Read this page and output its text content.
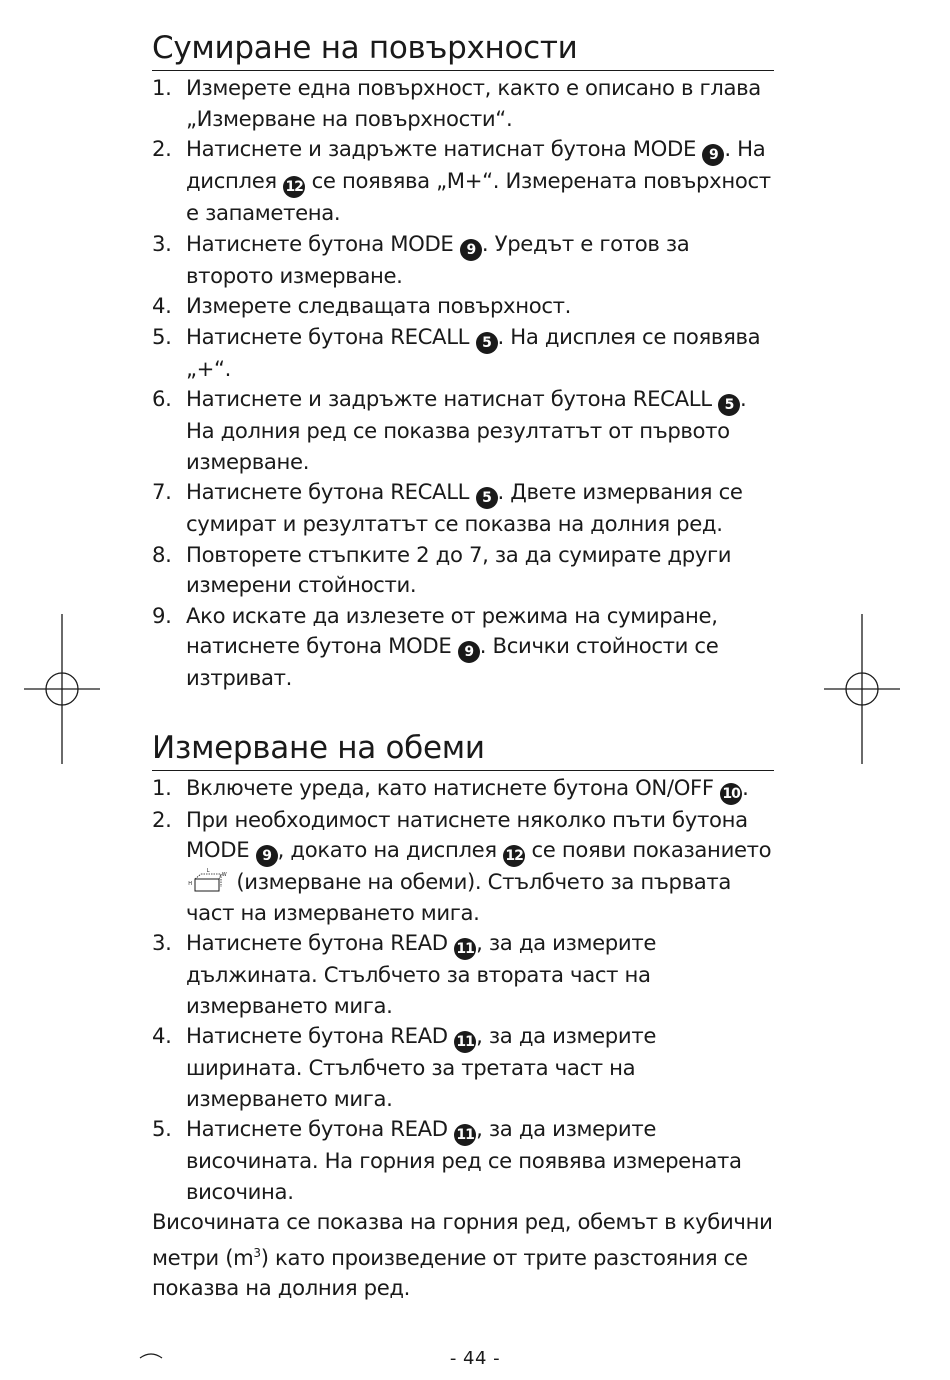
Сумиране на повърхности
1. Измерете една повърхност, както е описано в глава „Измерване на повърхности“.
2. Натиснете и задръжте натиснат бутона MODE 9 . На дисплея 12 се появява „M+“. Измерената повърхност е запаметена.
3. Натиснете бутона MODE 9 . Уредът е готов за второто измерване.
4. Измерете следващата повърхност.
5. Натиснете бутона RECALL 5 . На дисплея се появява „+“.
6. Натиснете и задръжте натиснат бутона RECALL 5 . На долния ред се показва резултатът от първото измерване.
7. Натиснете бутона RECALL 5 . Двете измервания се сумират и резултатът се показва на долния ред.
8. Повторете стъпките 2 до 7, за да сумирате други измерени стойности.
9. Ако искате да излезете от режима на сумиране, натиснете бутона MODE 9 . Всички стойности се изтриват.
Измерване на обеми
1. Включете уреда, като натиснете бутона ON/OFF 10 .
2. При необходимост натиснете няколко пъти бутона MODE 9 , докато на дисплея 12 се появи показанието
L
W
H (измерване на обеми). Стълбчето за първата част на измерването мига.
3. Натиснете бутона READ 11 , за да измерите дължината. Стълбчето за втората част на измерването мига.
4. Натиснете бутона READ 11 , за да измерите ширината. Стълбчето за третата част на измерването мига.
5. Натиснете бутона READ 11 , за да измерите височината. На горния ред се появява измерената височина.

Височината се показва на горния ред, обемът в кубични метри $(m^3)$ като произведение от трите разстояния се показва на долния ред.

- 44 -
